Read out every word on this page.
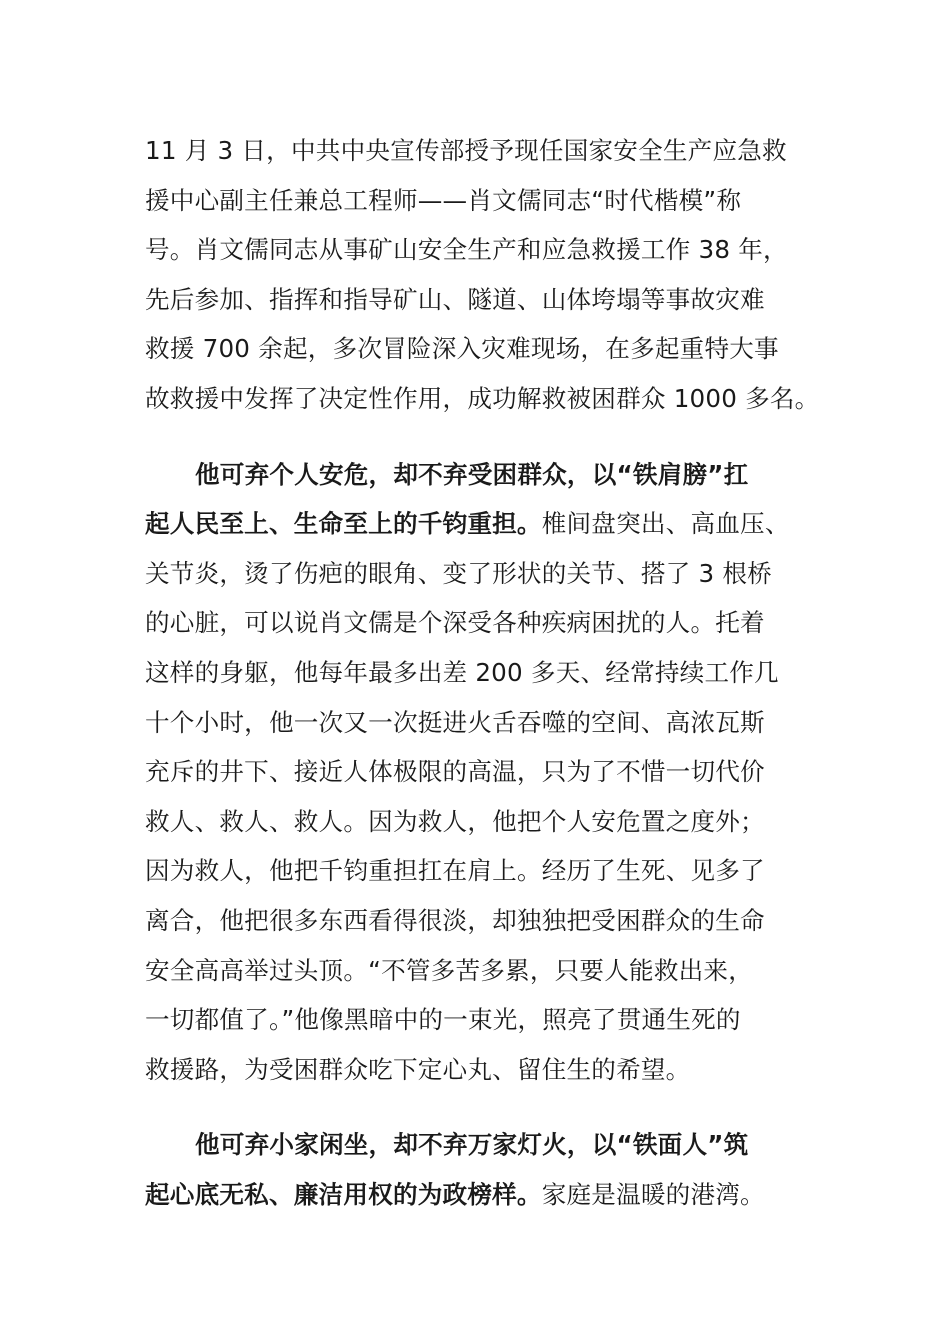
11 月 3 日，中共中央宣传部授予现任国家安全生产应急救
援中心副主任兼总工程师——肖文儒同志“时代楷模”称
号。肖文儒同志从事矿山安全生产和应急救援工作 38 年，
先后参加、指挥和指导矿山、隧道、山体垮塌等事故灾难
救援 700 余起，多次冒险深入灾难现场，在多起重特大事
故救援中发挥了决定性作用，成功解救被困群众 1000 多名。

他可弃个人安危，却不弃受困群众，以“铁肩膀”扛
起人民至上、生命至上的千钧重担。椎间盘突出、高血压、
关节炎，烫了伤疤的眼角、变了形状的关节、搭了 3 根桥
的心脏，可以说肖文儒是个深受各种疾病困扰的人。托着
这样的身躯，他每年最多出差 200 多天、经常持续工作几
十个小时，他一次又一次挺进火舌吞噬的空间、高浓瓦斯
充斥的井下、接近人体极限的高温，只为了不惜一切代价
救人、救人、救人。因为救人，他把个人安危置之度外；
因为救人，他把千钧重担扛在肩上。经历了生死、见多了
离合，他把很多东西看得很淡，却独独把受困群众的生命
安全高高举过头顶。“不管多苦多累，只要人能救出来，
一切都值了。”他像黑暗中的一束光，照亮了贯通生死的
救援路，为受困群众吃下定心丸、留住生的希望。

他可弃小家闲坐，却不弃万家灯火，以“铁面人”筑
起心底无私、廉洁用权的为政榜样。家庭是温暖的港湾。
